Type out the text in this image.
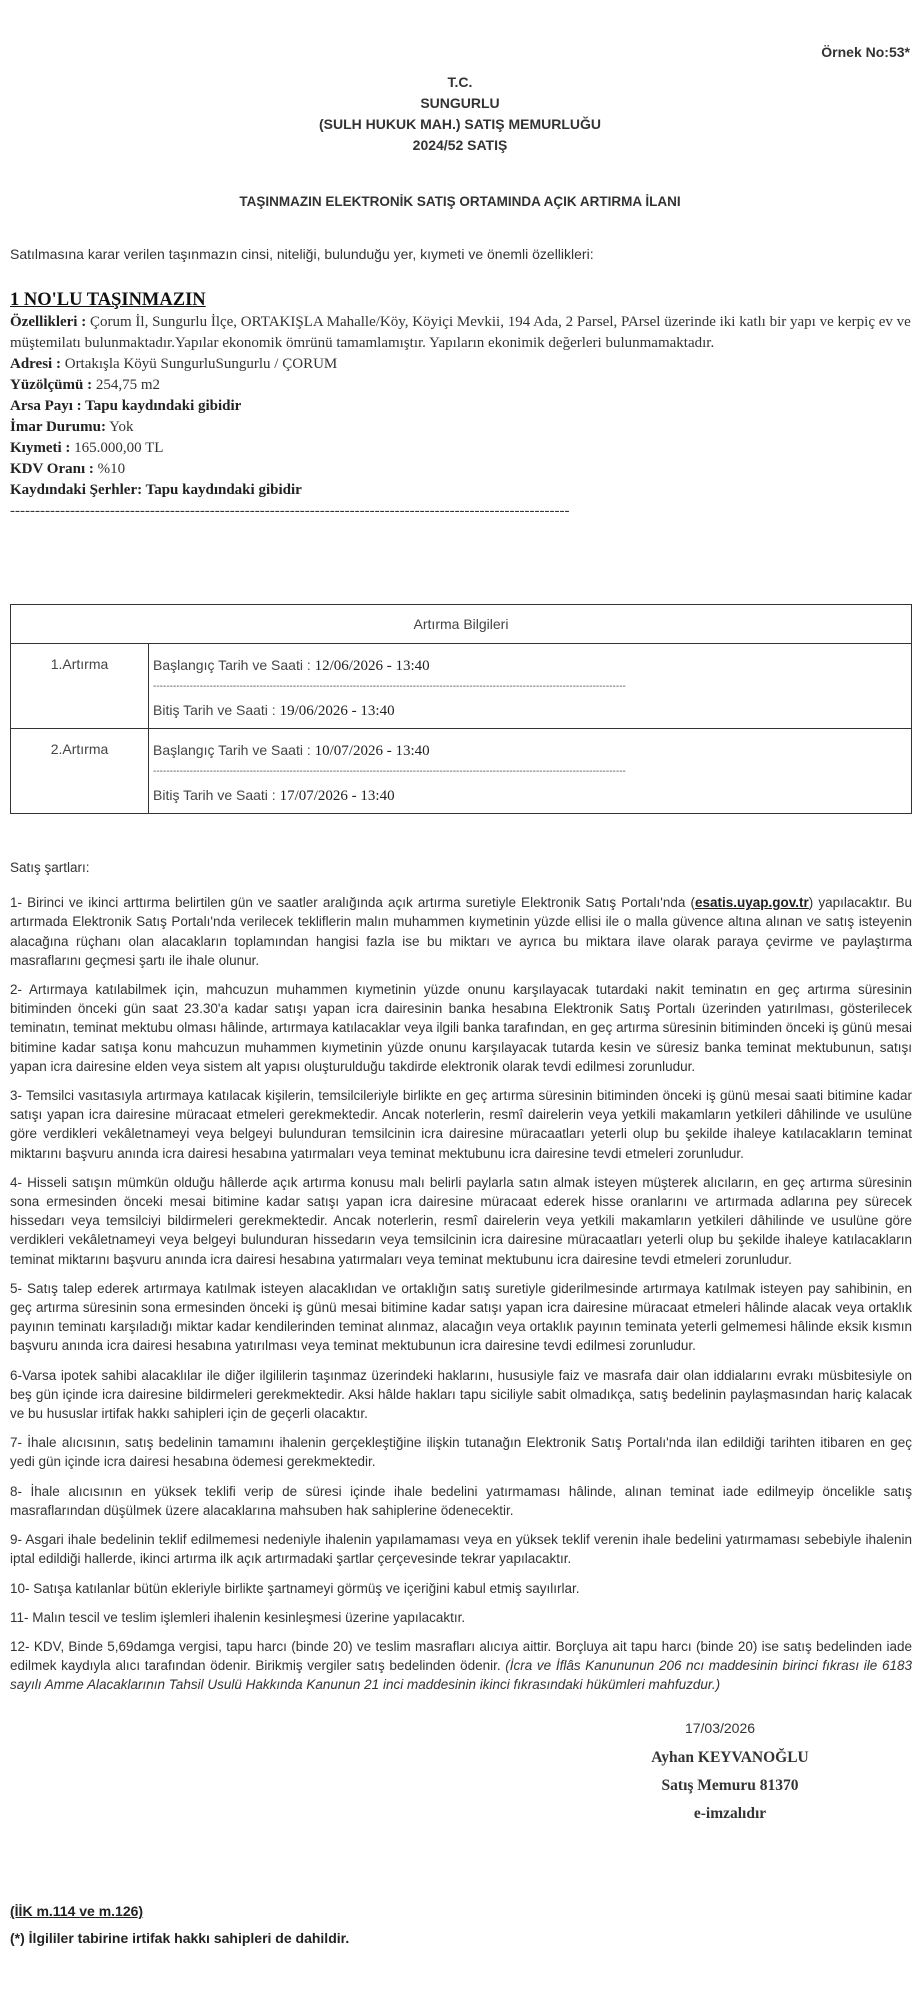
Örnek No:53*
T.C.
SUNGURLU
(SULH HUKUK MAH.) SATIŞ MEMURLUĞU
2024/52 SATIŞ
TAŞINMAZIN ELEKTRONİK SATIŞ ORTAMINDA AÇIK ARTIRMA İLANI
Satılmasına karar verilen taşınmazın cinsi, niteliği, bulunduğu yer, kıymeti ve önemli özellikleri:
1 NO'LU TAŞINMAZIN
Özellikleri : Çorum İl, Sungurlu İlçe, ORTAKIŞLA Mahalle/Köy, Köyiçi Mevkii, 194 Ada, 2 Parsel, PArsel üzerinde iki katlı bir yapı ve kerpiç ev ve müştemilatı bulunmaktadır.Yapılar ekonomik ömrünü tamamlamıştır. Yapıların ekonimik değerleri bulunmamaktadır.
Adresi : Ortakışla Köyü SungurluSungurlu / ÇORUM
Yüzölçümü : 254,75 m2
Arsa Payı : Tapu kaydındaki gibidir
İmar Durumu: Yok
Kıymeti : 165.000,00 TL
KDV Oranı : %10
Kaydındaki Şerhler: Tapu kaydındaki gibidir
----------------------------------------------------------------------------------------------------------------
Artırma Bilgileri	
1.Artırma	Başlangıç Tarih ve Saati : 12/06/2026 - 13:40
----------------------------------------------------------------------------------------------------------------------------------------------
Bitiş Tarih ve Saati : 19/06/2026 - 13:40

2.Artırma	Başlangıç Tarih ve Saati : 10/07/2026 - 13:40
----------------------------------------------------------------------------------------------------------------------------------------------
Bitiş Tarih ve Saati : 17/07/2026 - 13:40

Satış şartları:

1- Birinci ve ikinci arttırma belirtilen gün ve saatler aralığında açık artırma suretiyle Elektronik Satış Portalı'nda (esatis.uyap.gov.tr) yapılacaktır. Bu artırmada Elektronik Satış Portalı'nda verilecek tekliflerin malın muhammen kıymetinin yüzde ellisi ile o malla güvence altına alınan ve satış isteyenin alacağına rüçhanı olan alacakların toplamından hangisi fazla ise bu miktarı ve ayrıca bu miktara ilave olarak paraya çevirme ve paylaştırma masraflarını geçmesi şartı ile ihale olunur.

2- Artırmaya katılabilmek için, mahcuzun muhammen kıymetinin yüzde onunu karşılayacak tutardaki nakit teminatın en geç artırma süresinin bitiminden önceki gün saat 23.30'a kadar satışı yapan icra dairesinin banka hesabına Elektronik Satış Portalı üzerinden yatırılması, gösterilecek teminatın, teminat mektubu olması hâlinde, artırmaya katılacaklar veya ilgili banka tarafından, en geç artırma süresinin bitiminden önceki iş günü mesai bitimine kadar satışa konu mahcuzun muhammen kıymetinin yüzde onunu karşılayacak tutarda kesin ve süresiz banka teminat mektubunun, satışı yapan icra dairesine elden veya sistem alt yapısı oluşturulduğu takdirde elektronik olarak tevdi edilmesi zorunludur.

3- Temsilci vasıtasıyla artırmaya katılacak kişilerin, temsilcileriyle birlikte en geç artırma süresinin bitiminden önceki iş günü mesai saati bitimine kadar satışı yapan icra dairesine müracaat etmeleri gerekmektedir. Ancak noterlerin, resmî dairelerin veya yetkili makamların yetkileri dâhilinde ve usulüne göre verdikleri vekâletnameyi veya belgeyi bulunduran temsilcinin icra dairesine müracaatları yeterli olup bu şekilde ihaleye katılacakların teminat miktarını başvuru anında icra dairesi hesabına yatırmaları veya teminat mektubunu icra dairesine tevdi etmeleri zorunludur.

4- Hisseli satışın mümkün olduğu hâllerde açık artırma konusu malı belirli paylarla satın almak isteyen müşterek alıcıların, en geç artırma süresinin sona ermesinden önceki mesai bitimine kadar satışı yapan icra dairesine müracaat ederek hisse oranlarını ve artırmada adlarına pey sürecek hissedarı veya temsilciyi bildirmeleri gerekmektedir. Ancak noterlerin, resmî dairelerin veya yetkili makamların yetkileri dâhilinde ve usulüne göre verdikleri vekâletnameyi veya belgeyi bulunduran hissedarın veya temsilcinin icra dairesine müracaatları yeterli olup bu şekilde ihaleye katılacakların teminat miktarını başvuru anında icra dairesi hesabına yatırmaları veya teminat mektubunu icra dairesine tevdi etmeleri zorunludur.

5- Satış talep ederek artırmaya katılmak isteyen alacaklıdan ve ortaklığın satış suretiyle giderilmesinde artırmaya katılmak isteyen pay sahibinin, en geç artırma süresinin sona ermesinden önceki iş günü mesai bitimine kadar satışı yapan icra dairesine müracaat etmeleri hâlinde alacak veya ortaklık payının teminatı karşıladığı miktar kadar kendilerinden teminat alınmaz, alacağın veya ortaklık payının teminata yeterli gelmemesi hâlinde eksik kısmın başvuru anında icra dairesi hesabına yatırılması veya teminat mektubunun icra dairesine tevdi edilmesi zorunludur.

6-Varsa ipotek sahibi alacaklılar ile diğer ilgililerin taşınmaz üzerindeki haklarını, hususiyle faiz ve masrafa dair olan iddialarını evrakı müsbitesiyle on beş gün içinde icra dairesine bildirmeleri gerekmektedir. Aksi hâlde hakları tapu siciliyle sabit olmadıkça, satış bedelinin paylaşmasından hariç kalacak ve bu hususlar irtifak hakkı sahipleri için de geçerli olacaktır.

7- İhale alıcısının, satış bedelinin tamamını ihalenin gerçekleştiğine ilişkin tutanağın Elektronik Satış Portalı'nda ilan edildiği tarihten itibaren en geç yedi gün içinde icra dairesi hesabına ödemesi gerekmektedir.

8- İhale alıcısının en yüksek teklifi verip de süresi içinde ihale bedelini yatırmaması hâlinde, alınan teminat iade edilmeyip öncelikle satış masraflarından düşülmek üzere alacaklarına mahsuben hak sahiplerine ödenecektir.

9- Asgari ihale bedelinin teklif edilmemesi nedeniyle ihalenin yapılamaması veya en yüksek teklif verenin ihale bedelini yatırmaması sebebiyle ihalenin iptal edildiği hallerde, ikinci artırma ilk açık artırmadaki şartlar çerçevesinde tekrar yapılacaktır.

10- Satışa katılanlar bütün ekleriyle birlikte şartnameyi görmüş ve içeriğini kabul etmiş sayılırlar.

11- Malın tescil ve teslim işlemleri ihalenin kesinleşmesi üzerine yapılacaktır.

12- KDV, Binde 5,69damga vergisi, tapu harcı (binde 20) ve teslim masrafları alıcıya aittir. Borçluya ait tapu harcı (binde 20) ise satış bedelinden iade edilmek kaydıyla alıcı tarafından ödenir. Birikmiş vergiler satış bedelinden ödenir. (İcra ve İflâs Kanununun 206 ncı maddesinin birinci fıkrası ile 6183 sayılı Amme Alacaklarının Tahsil Usulü Hakkında Kanunun 21 inci maddesinin ikinci fıkrasındaki hükümleri mahfuzdur.)

17/03/2026
Ayhan KEYVANOĞLU
Satış Memuru 81370
e-imzalıdır
(İİK m.114 ve m.126)
(*) İlgililer tabirine irtifak hakkı sahipleri de dahildir.
